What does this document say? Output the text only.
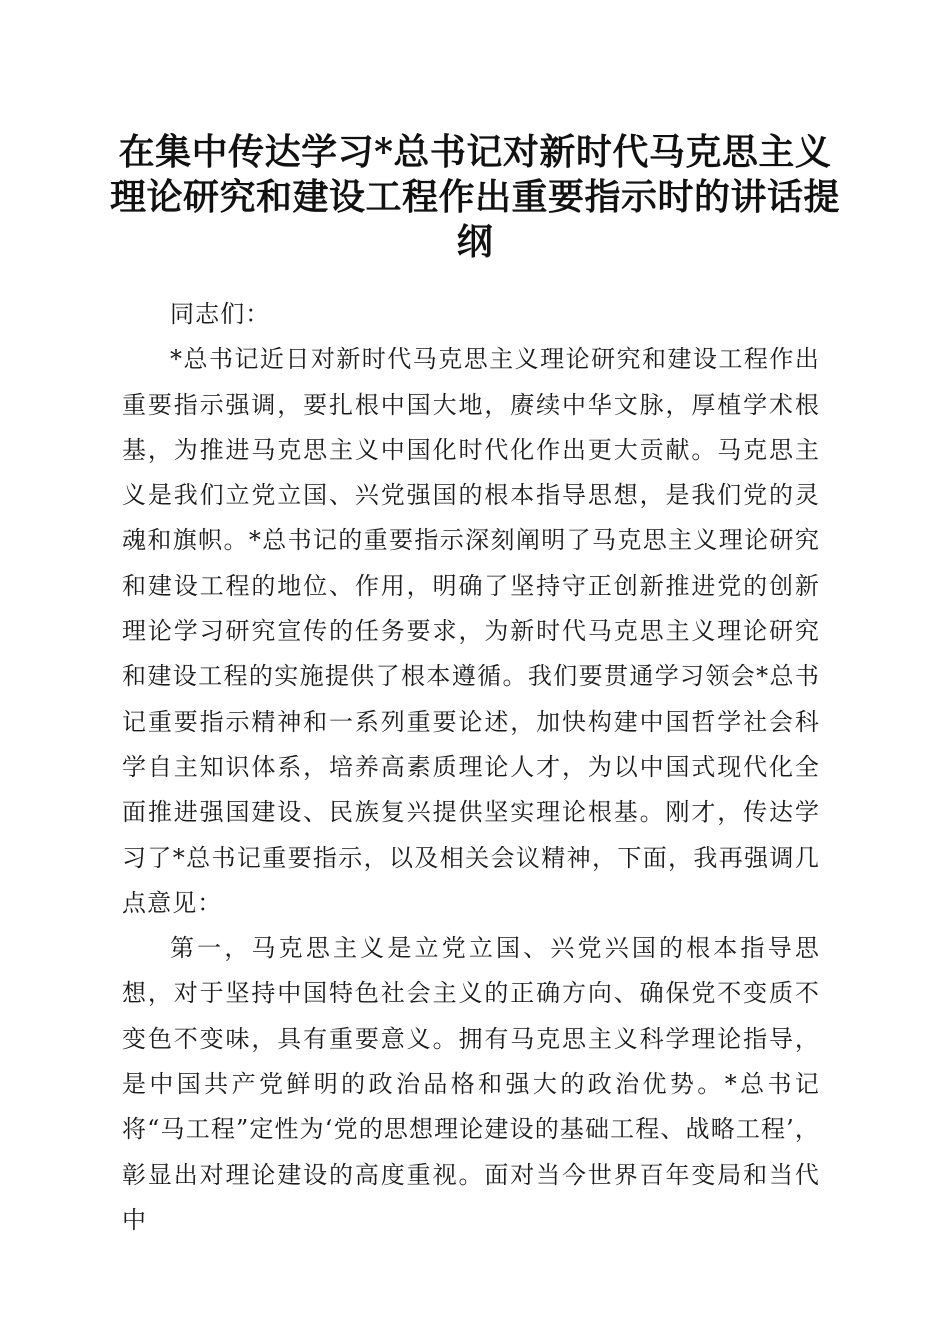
在集中传达学习*总书记对新时代马克思主义理论研究和建设工程作出重要指示时的讲话提纲

同志们：

*总书记近日对新时代马克思主义理论研究和建设工程作出重要指示强调，要扎根中国大地，赓续中华文脉，厚植学术根基，为推进马克思主义中国化时代化作出更大贡献。马克思主义是我们立党立国、兴党强国的根本指导思想，是我们党的灵魂和旗帜。*总书记的重要指示深刻阐明了马克思主义理论研究和建设工程的地位、作用，明确了坚持守正创新推进党的创新理论学习研究宣传的任务要求，为新时代马克思主义理论研究和建设工程的实施提供了根本遵循。我们要贯通学习领会*总书记重要指示精神和一系列重要论述，加快构建中国哲学社会科学自主知识体系，培养高素质理论人才，为以中国式现代化全面推进强国建设、民族复兴提供坚实理论根基。刚才，传达学习了*总书记重要指示，以及相关会议精神，下面，我再强调几点意见：

第一，马克思主义是立党立国、兴党兴国的根本指导思想，对于坚持中国特色社会主义的正确方向、确保党不变质不变色不变味，具有重要意义。拥有马克思主义科学理论指导，是中国共产党鲜明的政治品格和强大的政治优势。*总书记将“马工程”定性为‘党的思想理论建设的基础工程、战略工程’，彰显出对理论建设的高度重视。面对当今世界百年变局和当代中
